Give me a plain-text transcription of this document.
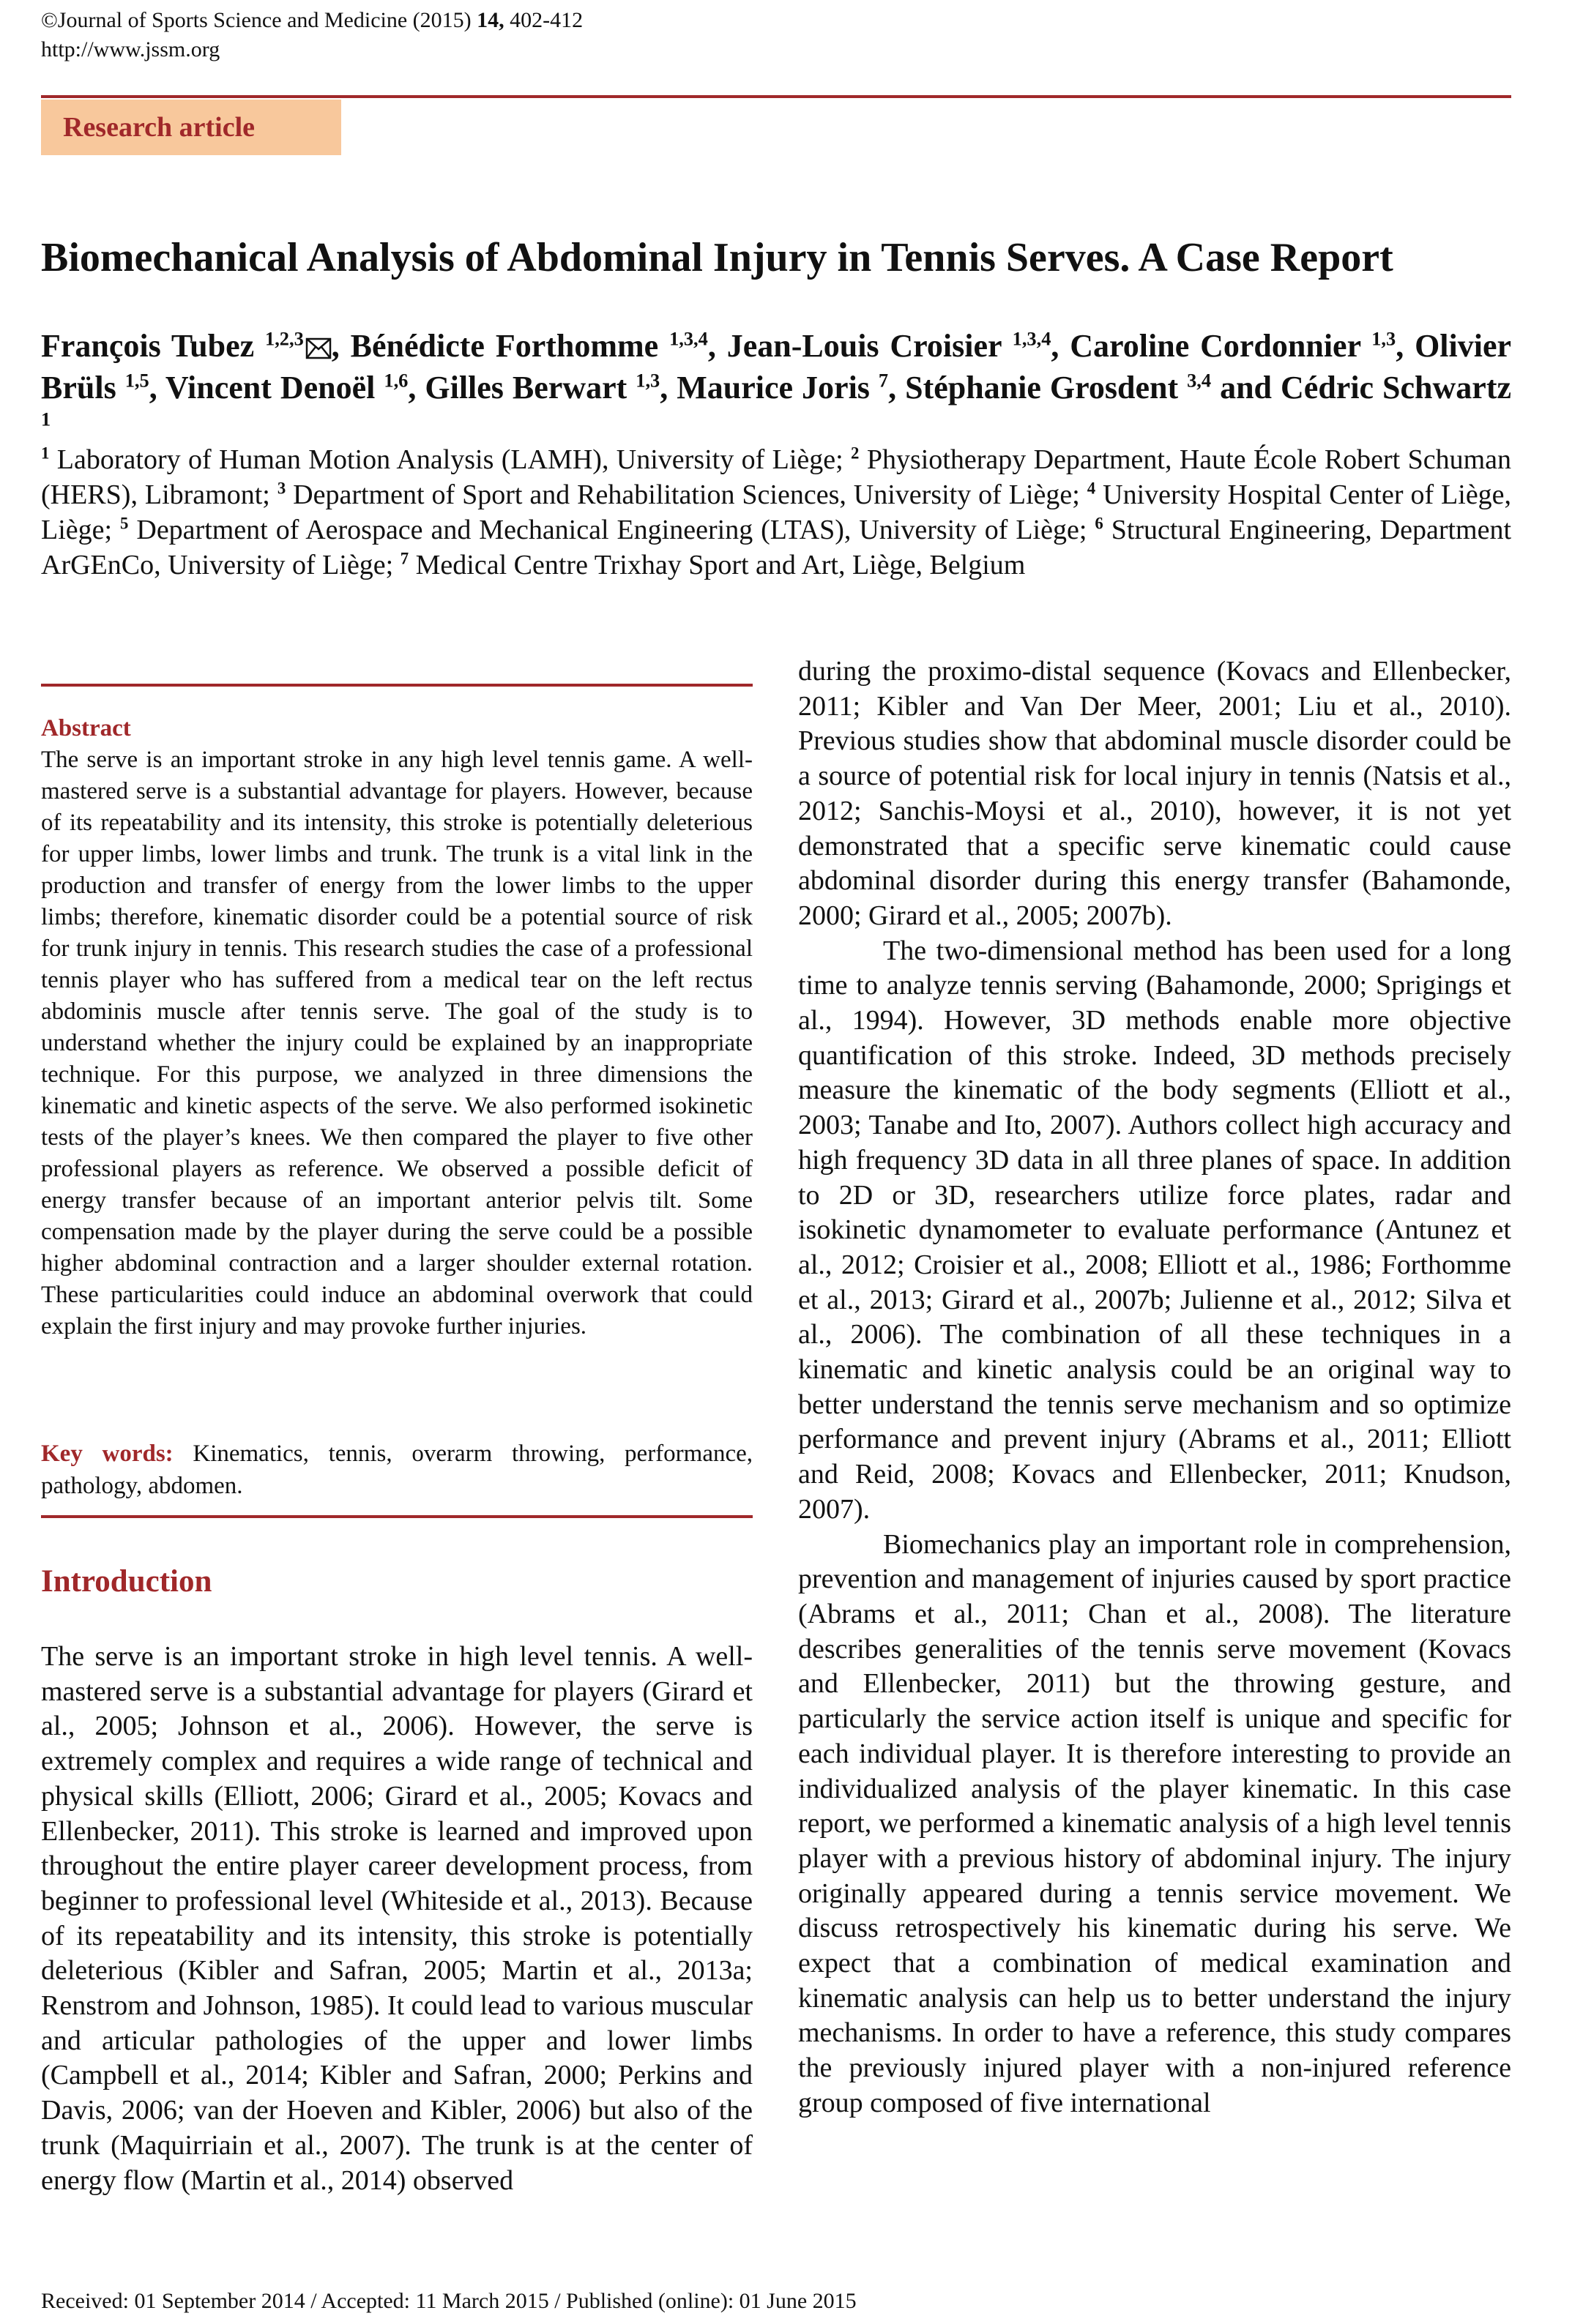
©Journal of Sports Science and Medicine (2015) 14, 402-412
http://www.jssm.org
Research article
Biomechanical Analysis of Abdominal Injury in Tennis Serves. A Case Report
François Tubez $^{1,2,3}$ , Bénédicte Forthomme $^{1,3,4}$, Jean-Louis Croisier $^{1,3,4}$, Caroline Cordonnier $^{1,3}$, Olivier Brüls $^{1,5}$, Vincent Denoël $^{1,6}$, Gilles Berwart $^{1,3}$, Maurice Joris $^7$, Stéphanie Grosdent $^{3,4}$ and Cédric Schwartz $^1$
$^1$ Laboratory of Human Motion Analysis (LAMH), University of Liège; $^2$ Physiotherapy Department, Haute École Robert Schuman (HERS), Libramont; $^3$ Department of Sport and Rehabilitation Sciences, University of Liège; $^4$ University Hospital Center of Liège, Liège; $^5$ Department of Aerospace and Mechanical Engineering (LTAS), University of Liège; $^6$ Structural Engineering, Department ArGEnCo, University of Liège; $^7$ Medical Centre Trixhay Sport and Art, Liège, Belgium
Abstract
The serve is an important stroke in any high level tennis game. A well-mastered serve is a substantial advantage for players. However, because of its repeatability and its intensity, this stroke is potentially deleterious for upper limbs, lower limbs and trunk. The trunk is a vital link in the production and transfer of energy from the lower limbs to the upper limbs; therefore, kinematic disorder could be a potential source of risk for trunk injury in tennis. This research studies the case of a professional tennis player who has suffered from a medical tear on the left rectus abdominis muscle after tennis serve. The goal of the study is to understand whether the injury could be explained by an inappropriate technique. For this purpose, we analyzed in three dimensions the kinematic and kinetic aspects of the serve. We also performed isokinetic tests of the player’s knees. We then compared the player to five other professional players as reference. We observed a possible deficit of energy transfer because of an important anterior pelvis tilt. Some compensation made by the player during the serve could be a possible higher abdominal contraction and a larger shoulder external rotation. These particularities could induce an abdominal overwork that could explain the first injury and may provoke further injuries.
Key words: Kinematics, tennis, overarm throwing, performance, pathology, abdomen.
Introduction

The serve is an important stroke in high level tennis. A well-mastered serve is a substantial advantage for players (Girard et al., 2005; Johnson et al., 2006). However, the serve is extremely complex and requires a wide range of technical and physical skills (Elliott, 2006; Girard et al., 2005; Kovacs and Ellenbecker, 2011). This stroke is learned and improved upon throughout the entire player career development process, from beginner to professional level (Whiteside et al., 2013). Because of its repeatability and its intensity, this stroke is potentially deleterious (Kibler and Safran, 2005; Martin et al., 2013a; Renstrom and Johnson, 1985). It could lead to various muscular and articular pathologies of the upper and lower limbs (Campbell et al., 2014; Kibler and Safran, 2000; Perkins and Davis, 2006; van der Hoeven and Kibler, 2006) but also of the trunk (Maquirriain et al., 2007). The trunk is at the center of energy flow (Martin et al., 2014) observed

during the proximo-distal sequence (Kovacs and Ellenbecker, 2011; Kibler and Van Der Meer, 2001; Liu et al., 2010). Previous studies show that abdominal muscle disorder could be a source of potential risk for local injury in tennis (Natsis et al., 2012; Sanchis-Moysi et al., 2010), however, it is not yet demonstrated that a specific serve kinematic could cause abdominal disorder during this energy transfer (Bahamonde, 2000; Girard et al., 2005; 2007b).

The two-dimensional method has been used for a long time to analyze tennis serving (Bahamonde, 2000; Sprigings et al., 1994). However, 3D methods enable more objective quantification of this stroke. Indeed, 3D methods precisely measure the kinematic of the body segments (Elliott et al., 2003; Tanabe and Ito, 2007). Authors collect high accuracy and high frequency 3D data in all three planes of space. In addition to 2D or 3D, researchers utilize force plates, radar and isokinetic dynamometer to evaluate performance (Antunez et al., 2012; Croisier et al., 2008; Elliott et al., 1986; Forthomme et al., 2013; Girard et al., 2007b; Julienne et al., 2012; Silva et al., 2006). The combination of all these techniques in a kinematic and kinetic analysis could be an original way to better understand the tennis serve mechanism and so optimize performance and prevent injury (Abrams et al., 2011; Elliott and Reid, 2008; Kovacs and Ellenbecker, 2011; Knudson, 2007).

Biomechanics play an important role in comprehension, prevention and management of injuries caused by sport practice (Abrams et al., 2011; Chan et al., 2008). The literature describes generalities of the tennis serve movement (Kovacs and Ellenbecker, 2011) but the throwing gesture, and particularly the service action itself is unique and specific for each individual player. It is therefore interesting to provide an individualized analysis of the player kinematic. In this case report, we performed a kinematic analysis of a high level tennis player with a previous history of abdominal injury. The injury originally appeared during a tennis service movement. We discuss retrospectively his kinematic during his serve. We expect that a combination of medical examination and kinematic analysis can help us to better understand the injury mechanisms. In order to have a reference, this study compares the previously injured player with a non-injured reference group composed of five international

Received: 01 September 2014 / Accepted: 11 March 2015 / Published (online): 01 June 2015
